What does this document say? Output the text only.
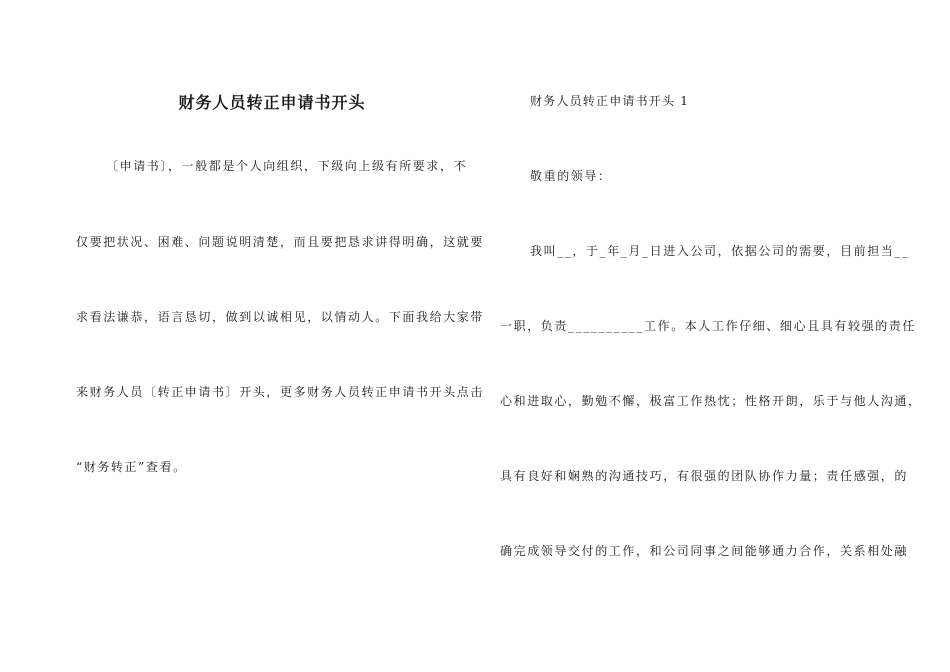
财务人员转正申请书开头
〔申请书〕，一般都是个人向组织，下级向上级有所要求，不
仅要把状况、困难、问题说明清楚，而且要把恳求讲得明确，这就要
求看法谦恭，语言恳切，做到以诚相见，以情动人。下面我给大家带
来财务人员〔转正申请书〕开头，更多财务人员转正申请书开头点击
“财务转正”查看。
财务人员转正申请书开头 1
敬重的领导：
我叫__，于_年_月_日进入公司，依据公司的需要，目前担当__
一职，负责__________工作。本人工作仔细、细心且具有较强的责任
心和进取心，勤勉不懈，极富工作热忱；性格开朗，乐于与他人沟通，
具有良好和娴熟的沟通技巧，有很强的团队协作力量；责任感强，的
确完成领导交付的工作，和公司同事之间能够通力合作，关系相处融
